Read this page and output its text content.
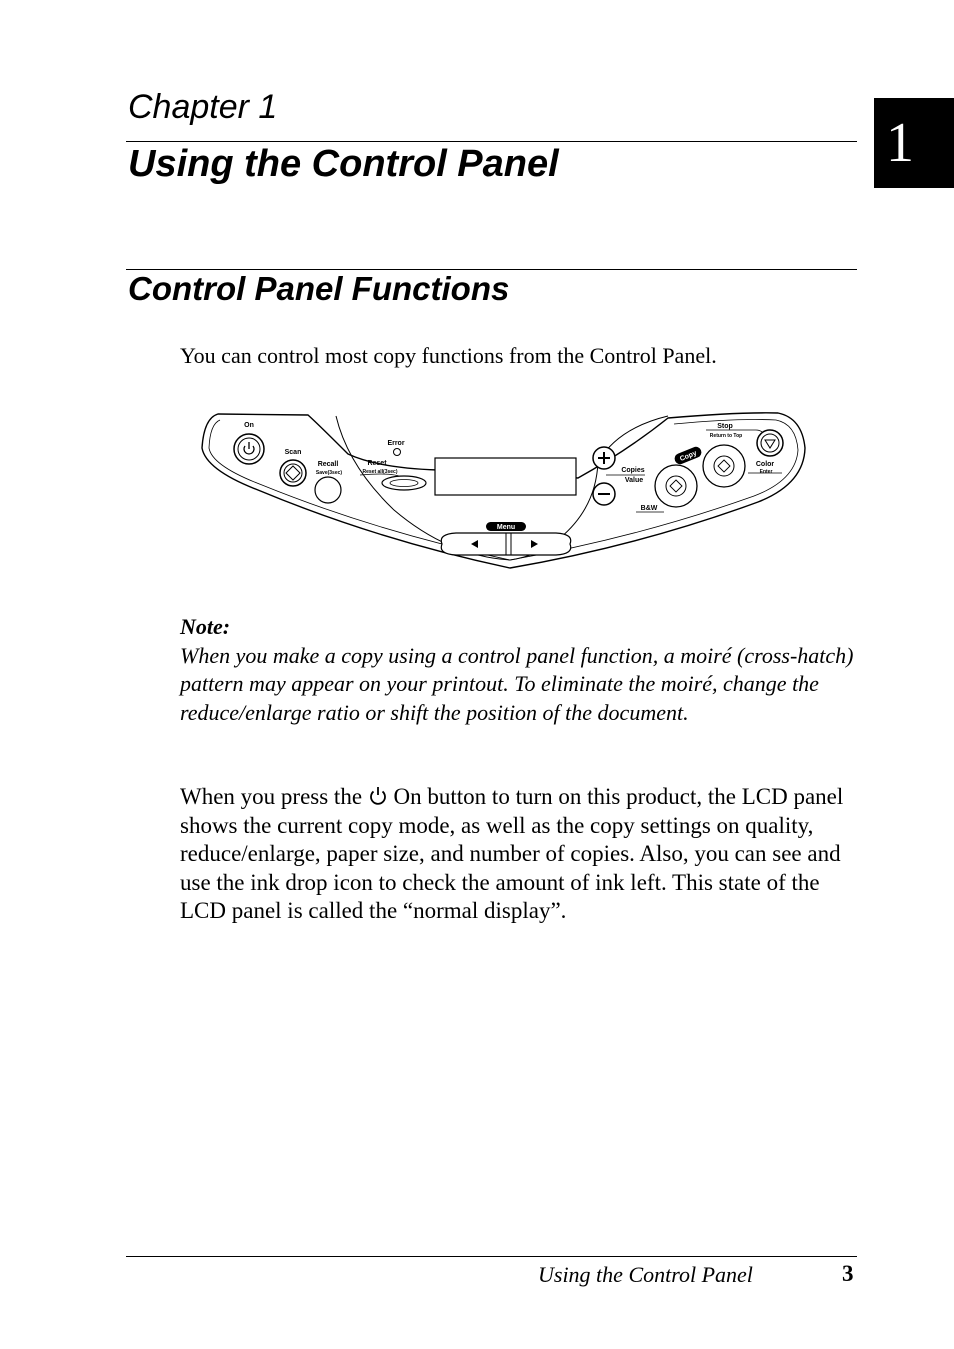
Chapter 1
Using the Control Panel	1
Control Panel Functions
You can control most copy functions from the Control Panel.
On
Scan
Recall
Save(3sec)
Error
Reset
Reset all(3sec)	Copies
Value
Copy
Stop
Return to Top
Color
Enter
B&W
Menu
Note:
When you make a copy using a control panel function, a moiré (cross-hatch) pattern may appear on your printout. To eliminate the moiré, change the reduce/enlarge ratio or shift the position of the document.
When you press the On button to turn on this product, the LCD panel shows the current copy mode, as well as the copy settings on quality, reduce/enlarge, paper size, and number of copies. Also, you can see and use the ink drop icon to check the amount of ink left. This state of the LCD panel is called the “normal display”.
Using the Control Panel	3
